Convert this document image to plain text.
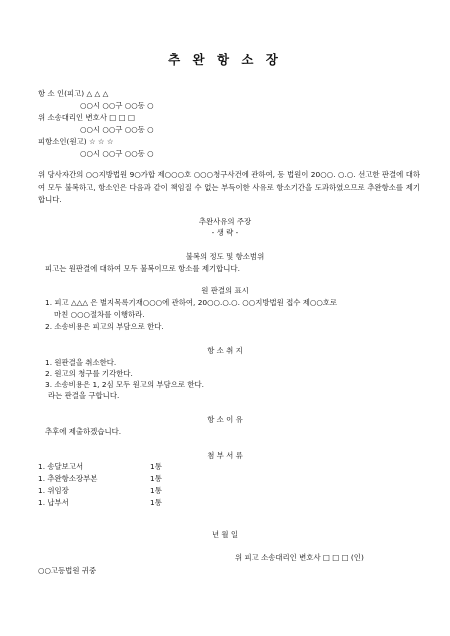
추 완 항 소 장
항 소 인(피고) △ △ △
○○시 ○○구 ○○동 ○
위 소송대리인 변호사 □ □ □
○○시 ○○구 ○○동 ○
피항소인(원고) ☆ ☆ ☆
○○시 ○○구 ○○동 ○
위 당사자간의 ○○지방법원 9○가합 제○○○호 ○○○청구사건에 관하여, 동 법원이 20○○. ○.○. 선고한 판결에 대하여 모두 불복하고, 항소인은 다음과 같이 책임질 수 없는 부득이한 사유로 항소기간을 도과하였으므로 추완항소를 제기합니다.
추완사유의 주장
- 생 략 -
불복의 정도 및 항소범위
피고는 원판결에 대하여 모두 불복이므로 항소를 제기합니다.
원 판결의 표시
1. 피고 △△△ 은 별지목록기재○○○에 관하여, 20○○.○.○. ○○지방법원 접수 제○○호로
마친 ○○○절차를 이행하라.
2. 소송비용은 피고의 부담으로 한다.
항 소 취 지
1. 원판결을 취소한다.
2. 원고의 청구를 기각한다.
3. 소송비용은 1, 2심 모두 원고의 부담으로 한다.
라는 판결을 구합니다.
항 소 이 유
추후에 제출하겠습니다.
첨 부 서 류
1. 송달보고서	1통
1. 추완항소장부본	1통
1. 위임장	1통
1. 납부서	1통
년 월 일
위 피고 소송대리인 변호사 □ □ □ (인)
○○고등법원 귀중
